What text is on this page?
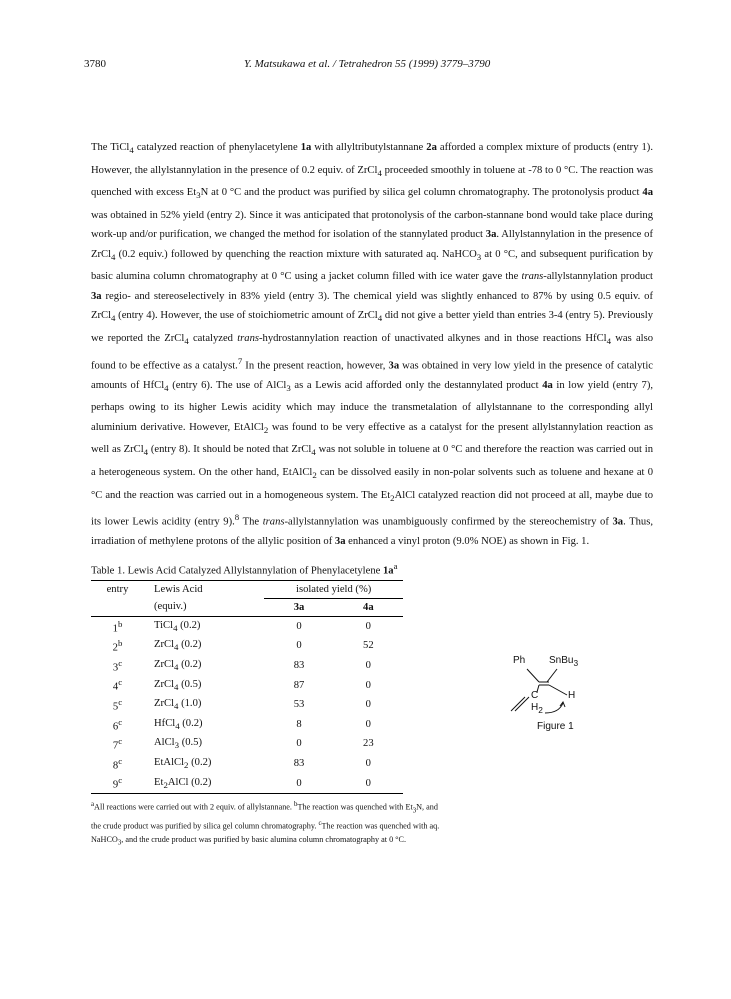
3780	Y. Matsukawa et al. / Tetrahedron 55 (1999) 3779–3790

The TiCl$_4$ catalyzed reaction of phenylacetylene 1a with allyltributylstannane 2a afforded a complex mixture of products (entry 1). However, the allylstannylation in the presence of 0.2 equiv. of ZrCl$_4$ proceeded smoothly in toluene at -78 to 0 °C. The reaction was quenched with excess $Et_3N$ at 0 °C and the product was purified by silica gel column chromatography. The protonolysis product 4a was obtained in 52% yield (entry 2). Since it was anticipated that protonolysis of the carbon-stannane bond would take place during work-up and/or purification, we changed the method for isolation of the stannylated product 3a. Allylstannylation in the presence of ZrCl$_4$ (0.2 equiv.) followed by quenching the reaction mixture with saturated aq. NaHCO$_3$ at 0 °C, and subsequent purification by basic alumina column chromatography at 0 °C using a jacket column filled with ice water gave the trans-allylstannylation product 3a regio- and stereoselectively in 83% yield (entry 3). The chemical yield was slightly enhanced to 87% by using 0.5 equiv. of ZrCl$_4$ (entry 4). However, the use of stoichiometric amount of ZrCl$_4$ did not give a better yield than entries 3-4 (entry 5). Previously we reported the ZrCl$_4$ catalyzed trans-hydrostannylation reaction of unactivated alkynes and in those reactions HfCl$_4$ was also found to be effective as a catalyst.$^7$ In the present reaction, however, 3a was obtained in very low yield in the presence of catalytic amounts of HfCl$_4$ (entry 6). The use of AlCl$_3$ as a Lewis acid afforded only the destannylated product 4a in low yield (entry 7), perhaps owing to its higher Lewis acidity which may induce the transmetalation of allylstannane to the corresponding allyl aluminium derivative. However, EtAlCl$_2$ was found to be very effective as a catalyst for the present allylstannylation reaction as well as ZrCl$_4$ (entry 8). It should be noted that ZrCl$_4$ was not soluble in toluene at 0 °C and therefore the reaction was carried out in a heterogeneous system. On the other hand, EtAlCl$_2$ can be dissolved easily in non-polar solvents such as toluene and hexane at 0 °C and the reaction was carried out in a homogeneous system. The $Et_2AlCl$ catalyzed reaction did not proceed at all, maybe due to its lower Lewis acidity (entry 9).$^8$ The trans-allylstannylation was unambiguously confirmed by the stereochemistry of 3a. Thus, irradiation of methylene protons of the allylic position of 3a enhanced a vinyl proton (9.0% NOE) as shown in Fig. 1.

Table 1. Lewis Acid Catalyzed Allylstannylation of Phenylacetylene $1a^a$
entry	Lewis Acid	isolated yield (%)	
	(equiv.)	3a	4a
1$^b$	TiCl$_4$ (0.2)	0	0
2$^b$	ZrCl$_4$ (0.2)	0	52
3$^c$	ZrCl$_4$ (0.2)	83	0
4$^c$	ZrCl$_4$ (0.5)	87	0
5$^c$	ZrCl$_4$ (1.0)	53	0
6$^c$	HfCl$_4$ (0.2)	8	0
7$^c$	AlCl$_3$ (0.5)	0	23
8$^c$	EtAlCl$_2$ (0.2)	83	0
9$^c$	$Et_2AlCl$ (0.2)	0	0
$^a$All reactions were carried out with 2 equiv. of allylstannane. $^b$The reaction was quenched with $Et_3N$, and the crude product was purified by silica gel column chromatography. $^c$The reaction was quenched with aq. NaHCO$_3$, and the crude product was purified by basic alumina column chromatography at 0 °C.
Ph SnBu$_3$
C	H
$H_2$
Figure 1
